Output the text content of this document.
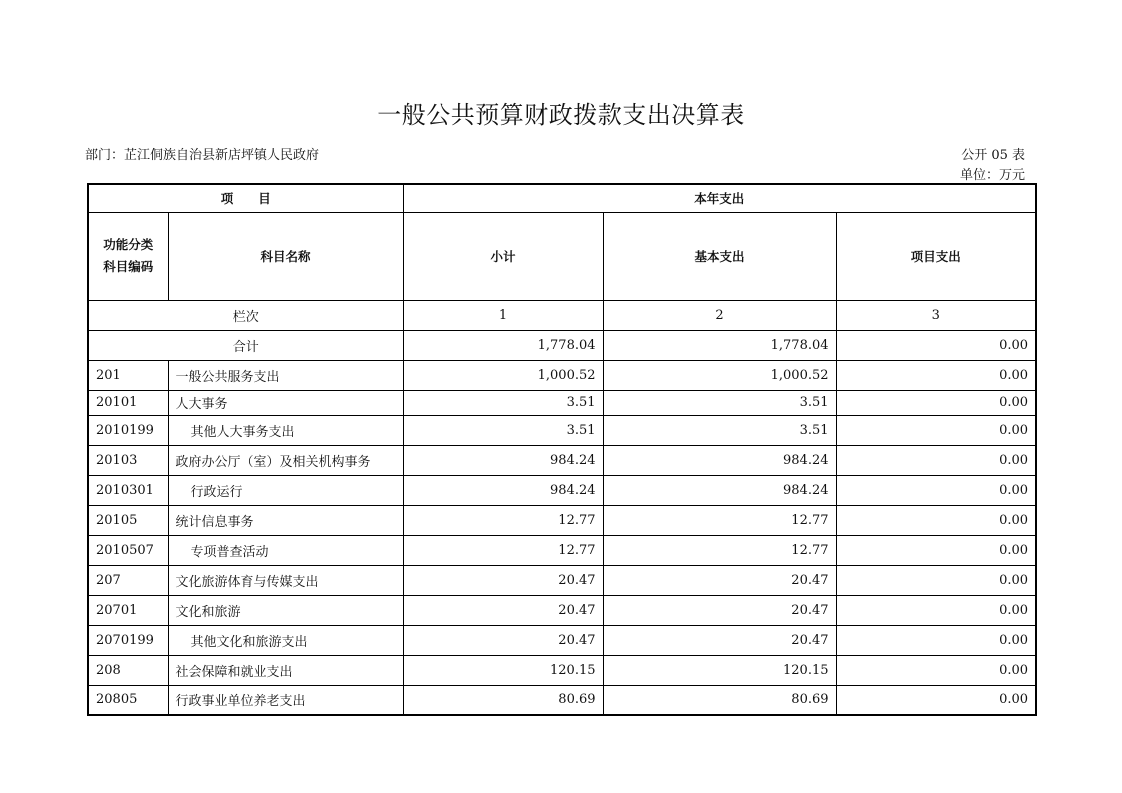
一般公共预算财政拨款支出决算表
部门：芷江侗族自治县新店坪镇人民政府	公开 05 表
单位：万元
项　　目		本年支出		

功能分类
科目编码	科目名称	小计	基本支出	项目支出
栏次		1	2	3
合计		1,778.04	1,778.04	0.00
201	一般公共服务支出	1,000.52	1,000.52	0.00
20101	人大事务	3.51	3.51	0.00
2010199	其他人大事务支出	3.51	3.51	0.00
20103	政府办公厅（室）及相关机构事务	984.24	984.24	0.00
2010301	行政运行	984.24	984.24	0.00
20105	统计信息事务	12.77	12.77	0.00
2010507	专项普查活动	12.77	12.77	0.00
207	文化旅游体育与传媒支出	20.47	20.47	0.00
20701	文化和旅游	20.47	20.47	0.00
2070199	其他文化和旅游支出	20.47	20.47	0.00
208	社会保障和就业支出	120.15	120.15	0.00
20805	行政事业单位养老支出	80.69	80.69	0.00
